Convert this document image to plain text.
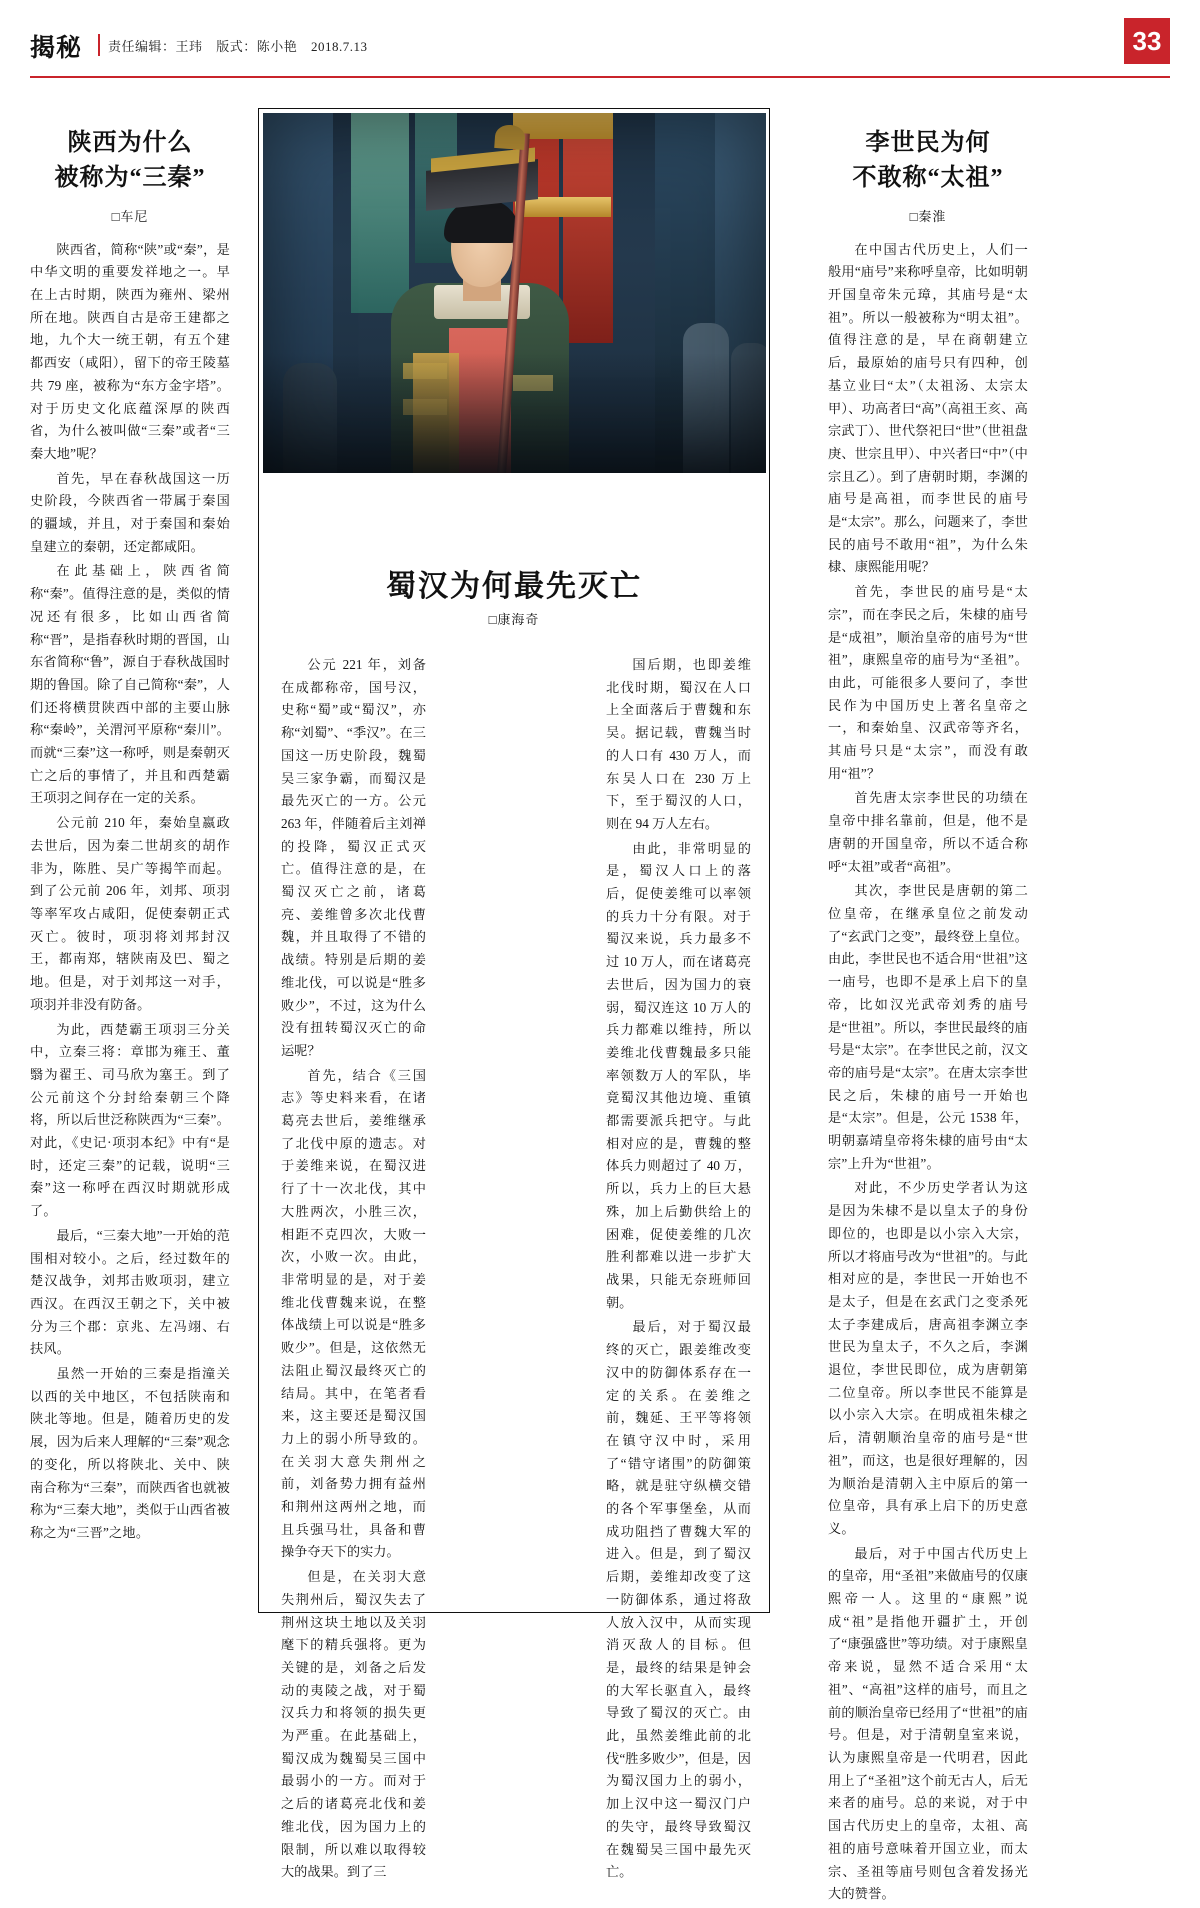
揭秘 责任编辑：王玮 版式：陈小艳 2018.7.13	33
陕西为什么
被称为“三秦”
□车尼

陕西省，简称“陕”或“秦”，是中华文明的重要发祥地之一。早在上古时期，陕西为雍州、梁州所在地。陕西自古是帝王建都之地，九个大一统王朝，有五个建都西安（咸阳），留下的帝王陵墓共 79 座，被称为“东方金字塔”。对于历史文化底蕴深厚的陕西省，为什么被叫做“三秦”或者“三秦大地”呢？

首先，早在春秋战国这一历史阶段，今陕西省一带属于秦国的疆域，并且，对于秦国和秦始皇建立的秦朝，还定都咸阳。

在此基础上，陕西省简称“秦”。值得注意的是，类似的情况还有很多，比如山西省简称“晋”，是指春秋时期的晋国，山东省简称“鲁”，源自于春秋战国时期的鲁国。除了自己简称“秦”，人们还将横贯陕西中部的主要山脉称“秦岭”，关渭河平原称“秦川”。而就“三秦”这一称呼，则是秦朝灭亡之后的事情了，并且和西楚霸王项羽之间存在一定的关系。

公元前 210 年，秦始皇嬴政去世后，因为秦二世胡亥的胡作非为，陈胜、吴广等揭竿而起。到了公元前 206 年，刘邦、项羽等率军攻占咸阳，促使秦朝正式灭亡。彼时，项羽将刘邦封汉王，都南郑，辖陕南及巴、蜀之地。但是，对于刘邦这一对手，项羽并非没有防备。

为此，西楚霸王项羽三分关中，立秦三将：章邯为雍王、董翳为翟王、司马欣为塞王。到了公元前这个分封给秦朝三个降将，所以后世泛称陕西为“三秦”。对此，《史记·项羽本纪》中有“是时，还定三秦”的记载，说明“三秦”这一称呼在西汉时期就形成了。

最后，“三秦大地”一开始的范围相对较小。之后，经过数年的楚汉战争，刘邦击败项羽，建立西汉。在西汉王朝之下，关中被分为三个郡：京兆、左冯翊、右扶风。

虽然一开始的三秦是指潼关以西的关中地区，不包括陕南和陕北等地。但是，随着历史的发展，因为后来人理解的“三秦”观念的变化，所以将陕北、关中、陕南合称为“三秦”，而陕西省也就被称为“三秦大地”，类似于山西省被称之为“三晋”之地。

蜀汉为何最先灭亡
□康海奇

公元 221 年，刘备在成都称帝，国号汉，史称“蜀”或“蜀汉”，亦称“刘蜀”、“季汉”。在三国这一历史阶段，魏蜀吴三家争霸，而蜀汉是最先灭亡的一方。公元 263 年，伴随着后主刘禅的投降，蜀汉正式灭亡。值得注意的是，在蜀汉灭亡之前，诸葛亮、姜维曾多次北伐曹魏，并且取得了不错的战绩。特别是后期的姜维北伐，可以说是“胜多败少”，不过，这为什么没有扭转蜀汉灭亡的命运呢？

首先，结合《三国志》等史料来看，在诸葛亮去世后，姜维继承了北伐中原的遗志。对于姜维来说，在蜀汉进行了十一次北伐，其中大胜两次，小胜三次，相距不克四次，大败一次，小败一次。由此，非常明显的是，对于姜维北伐曹魏来说，在整体战绩上可以说是“胜多败少”。但是，这依然无法阻止蜀汉最终灭亡的结局。其中，在笔者看来，这主要还是蜀汉国力上的弱小所导致的。在关羽大意失荆州之前，刘备势力拥有益州和荆州这两州之地，而且兵强马壮，具备和曹操争夺天下的实力。

但是，在关羽大意失荆州后，蜀汉失去了荆州这块土地以及关羽麾下的精兵强将。更为关键的是，刘备之后发动的夷陵之战，对于蜀汉兵力和将领的损失更为严重。在此基础上，蜀汉成为魏蜀吴三国中最弱小的一方。而对于之后的诸葛亮北伐和姜维北伐，因为国力上的限制，所以难以取得较大的战果。到了三

国后期，也即姜维北伐时期，蜀汉在人口上全面落后于曹魏和东吴。据记载，曹魏当时的人口有 430 万人，而东吴人口在 230 万上下，至于蜀汉的人口，则在 94 万人左右。

由此，非常明显的是，蜀汉人口上的落后，促使姜维可以率领的兵力十分有限。对于蜀汉来说，兵力最多不过 10 万人，而在诸葛亮去世后，因为国力的衰弱，蜀汉连这 10 万人的兵力都难以维持，所以姜维北伐曹魏最多只能率领数万人的军队，毕竟蜀汉其他边境、重镇都需要派兵把守。与此相对应的是，曹魏的整体兵力则超过了 40 万，所以，兵力上的巨大悬殊，加上后勤供给上的困难，促使姜维的几次胜利都难以进一步扩大战果，只能无奈班师回朝。

最后，对于蜀汉最终的灭亡，跟姜维改变汉中的防御体系存在一定的关系。在姜维之前，魏延、王平等将领在镇守汉中时，采用了“错守诸围”的防御策略，就是驻守纵横交错的各个军事堡垒，从而成功阻挡了曹魏大军的进入。但是，到了蜀汉后期，姜维却改变了这一防御体系，通过将敌人放入汉中，从而实现消灭敌人的目标。但是，最终的结果是钟会的大军长驱直入，最终导致了蜀汉的灭亡。由此，虽然姜维此前的北伐“胜多败少”，但是，因为蜀汉国力上的弱小，加上汉中这一蜀汉门户的失守，最终导致蜀汉在魏蜀吴三国中最先灭亡。

李世民为何
不敢称“太祖”
□秦淮

在中国古代历史上，人们一般用“庙号”来称呼皇帝，比如明朝开国皇帝朱元璋，其庙号是“太祖”。所以一般被称为“明太祖”。值得注意的是，早在商朝建立后，最原始的庙号只有四种，创基立业曰“太”（太祖汤、太宗太甲）、功高者曰“高”（高祖王亥、高宗武丁）、世代祭祀曰“世”（世祖盘庚、世宗且甲）、中兴者曰“中”（中宗且乙）。到了唐朝时期，李渊的庙号是高祖，而李世民的庙号是“太宗”。那么，问题来了，李世民的庙号不敢用“祖”，为什么朱棣、康熙能用呢？

首先，李世民的庙号是“太宗”，而在李民之后，朱棣的庙号是“成祖”，顺治皇帝的庙号为“世祖”，康熙皇帝的庙号为“圣祖”。由此，可能很多人要问了，李世民作为中国历史上著名皇帝之一，和秦始皇、汉武帝等齐名，其庙号只是“太宗”，而没有敢用“祖”？

首先唐太宗李世民的功绩在皇帝中排名靠前，但是，他不是唐朝的开国皇帝，所以不适合称呼“太祖”或者“高祖”。

其次，李世民是唐朝的第二位皇帝，在继承皇位之前发动了“玄武门之变”，最终登上皇位。由此，李世民也不适合用“世祖”这一庙号，也即不是承上启下的皇帝，比如汉光武帝刘秀的庙号是“世祖”。所以，李世民最终的庙号是“太宗”。在李世民之前，汉文帝的庙号是“太宗”。在唐太宗李世民之后，朱棣的庙号一开始也是“太宗”。但是，公元 1538 年，明朝嘉靖皇帝将朱棣的庙号由“太宗”上升为“世祖”。

对此，不少历史学者认为这是因为朱棣不是以皇太子的身份即位的，也即是以小宗入大宗，所以才将庙号改为“世祖”的。与此相对应的是，李世民一开始也不是太子，但是在玄武门之变杀死太子李建成后，唐高祖李渊立李世民为皇太子，不久之后，李渊退位，李世民即位，成为唐朝第二位皇帝。所以李世民不能算是以小宗入大宗。在明成祖朱棣之后，清朝顺治皇帝的庙号是“世祖”，而这，也是很好理解的，因为顺治是清朝入主中原后的第一位皇帝，具有承上启下的历史意义。

最后，对于中国古代历史上的皇帝，用“圣祖”来做庙号的仅康熙帝一人。这里的“康熙”说成“祖”是指他开疆扩土，开创了“康强盛世”等功绩。对于康熙皇帝来说，显然不适合采用“太祖”、“高祖”这样的庙号，而且之前的顺治皇帝已经用了“世祖”的庙号。但是，对于清朝皇室来说，认为康熙皇帝是一代明君，因此用上了“圣祖”这个前无古人，后无来者的庙号。总的来说，对于中国古代历史上的皇帝，太祖、高祖的庙号意味着开国立业，而太宗、圣祖等庙号则包含着发扬光大的赞誉。
